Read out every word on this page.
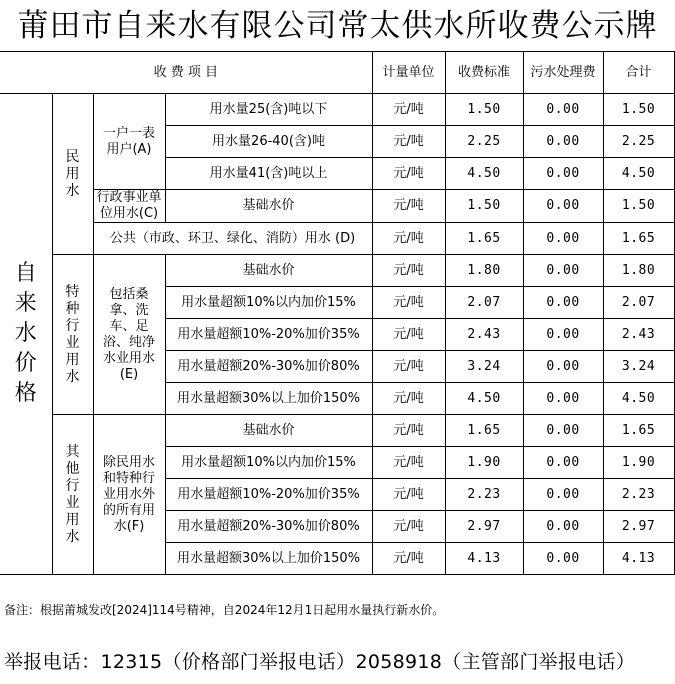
莆田市自来水有限公司常太供水所收费公示牌
收 费 项 目				计量单位	收费标准	污水处理费	合计
自来水价格	民用水	一户一表用户(A)	用水量25(含)吨以下	元/吨	1.50	0.00	1.50
			用水量26-40(含)吨	元/吨	2.25	0.00	2.25
			用水量41(含)吨以上	元/吨	4.50	0.00	4.50
		行政事业单位用水(C)	基础水价	元/吨	1.50	0.00	1.50
		公共（市政、环卫、绿化、消防）用水 (D)		元/吨	1.65	0.00	1.65
	特种行业用水	包括桑拿、洗车、足浴、纯净水业用水(E)	基础水价	元/吨	1.80	0.00	1.80
			用水量超额10%以内加价15%	元/吨	2.07	0.00	2.07
			用水量超额10%-20%加价35%	元/吨	2.43	0.00	2.43
			用水量超额20%-30%加价80%	元/吨	3.24	0.00	3.24
			用水量超额30%以上加价150%	元/吨	4.50	0.00	4.50
	其他行业用水	除民用水和特种行业用水外的所有用水(F)	基础水价	元/吨	1.65	0.00	1.65
			用水量超额10%以内加价15%	元/吨	1.90	0.00	1.90
			用水量超额10%-20%加价35%	元/吨	2.23	0.00	2.23
			用水量超额20%-30%加价80%	元/吨	2.97	0.00	2.97
			用水量超额30%以上加价150%	元/吨	4.13	0.00	4.13
备注：根据莆城发改[2024]114号精神，自2024年12月1日起用水量执行新水价。
举报电话：12315（价格部门举报电话）2058918（主管部门举报电话）
